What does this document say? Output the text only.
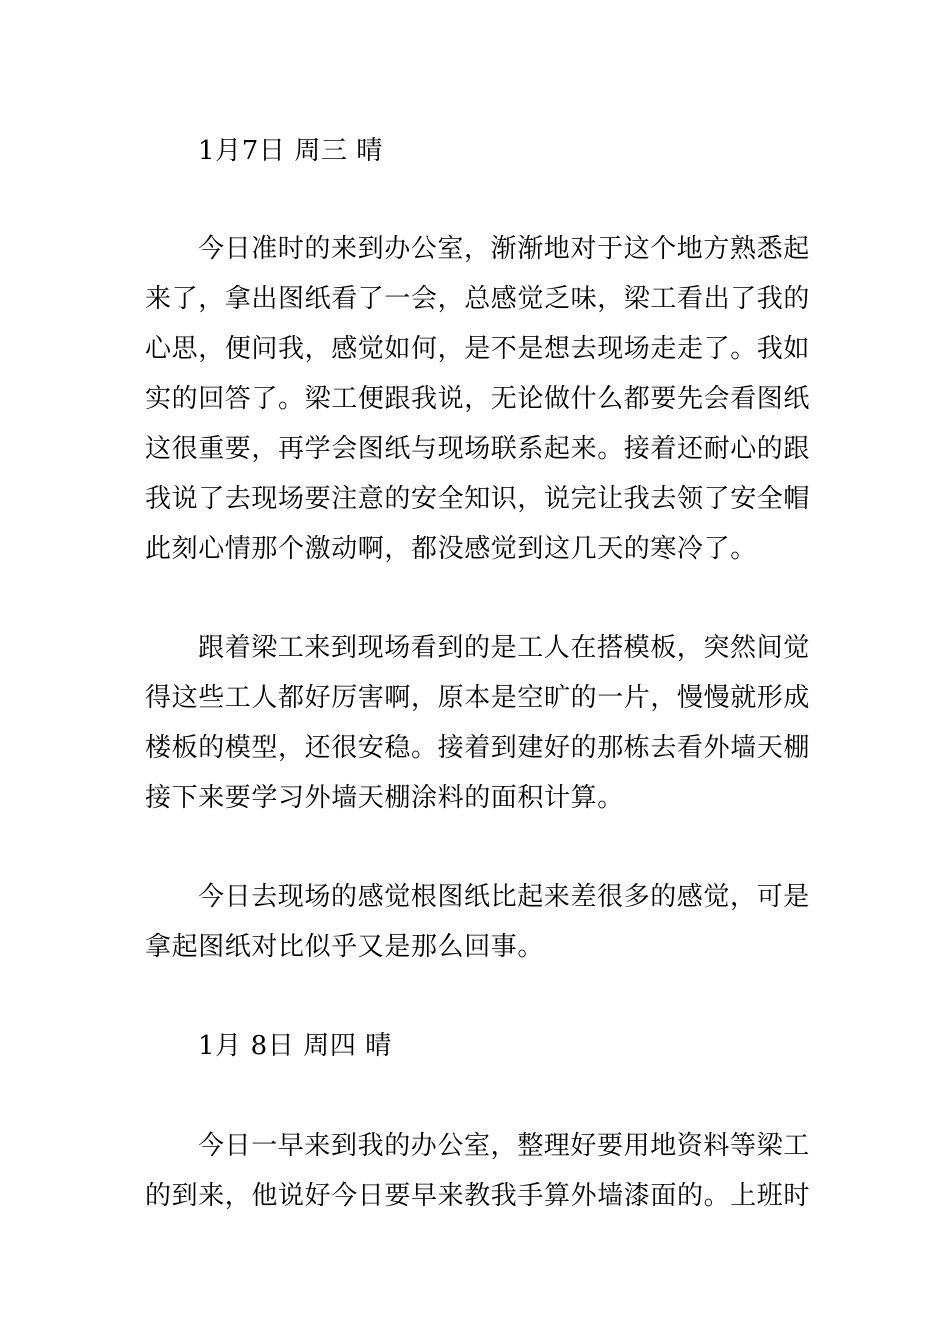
1月7日 周三 晴
今日准时的来到办公室，渐渐地对于这个地方熟悉起
来了，拿出图纸看了一会，总感觉乏味，梁工看出了我的
心思，便问我，感觉如何，是不是想去现场走走了。我如
实的回答了。梁工便跟我说，无论做什么都要先会看图纸
这很重要，再学会图纸与现场联系起来。接着还耐心的跟
我说了去现场要注意的安全知识，说完让我去领了安全帽
此刻心情那个激动啊，都没感觉到这几天的寒冷了。
跟着梁工来到现场看到的是工人在搭模板，突然间觉
得这些工人都好厉害啊，原本是空旷的一片，慢慢就形成
楼板的模型，还很安稳。接着到建好的那栋去看外墙天棚
接下来要学习外墙天棚涂料的面积计算。
今日去现场的感觉根图纸比起来差很多的感觉，可是
拿起图纸对比似乎又是那么回事。
1月 8日 周四 晴
今日一早来到我的办公室，整理好要用地资料等梁工
的到来，他说好今日要早来教我手算外墙漆面的。上班时
